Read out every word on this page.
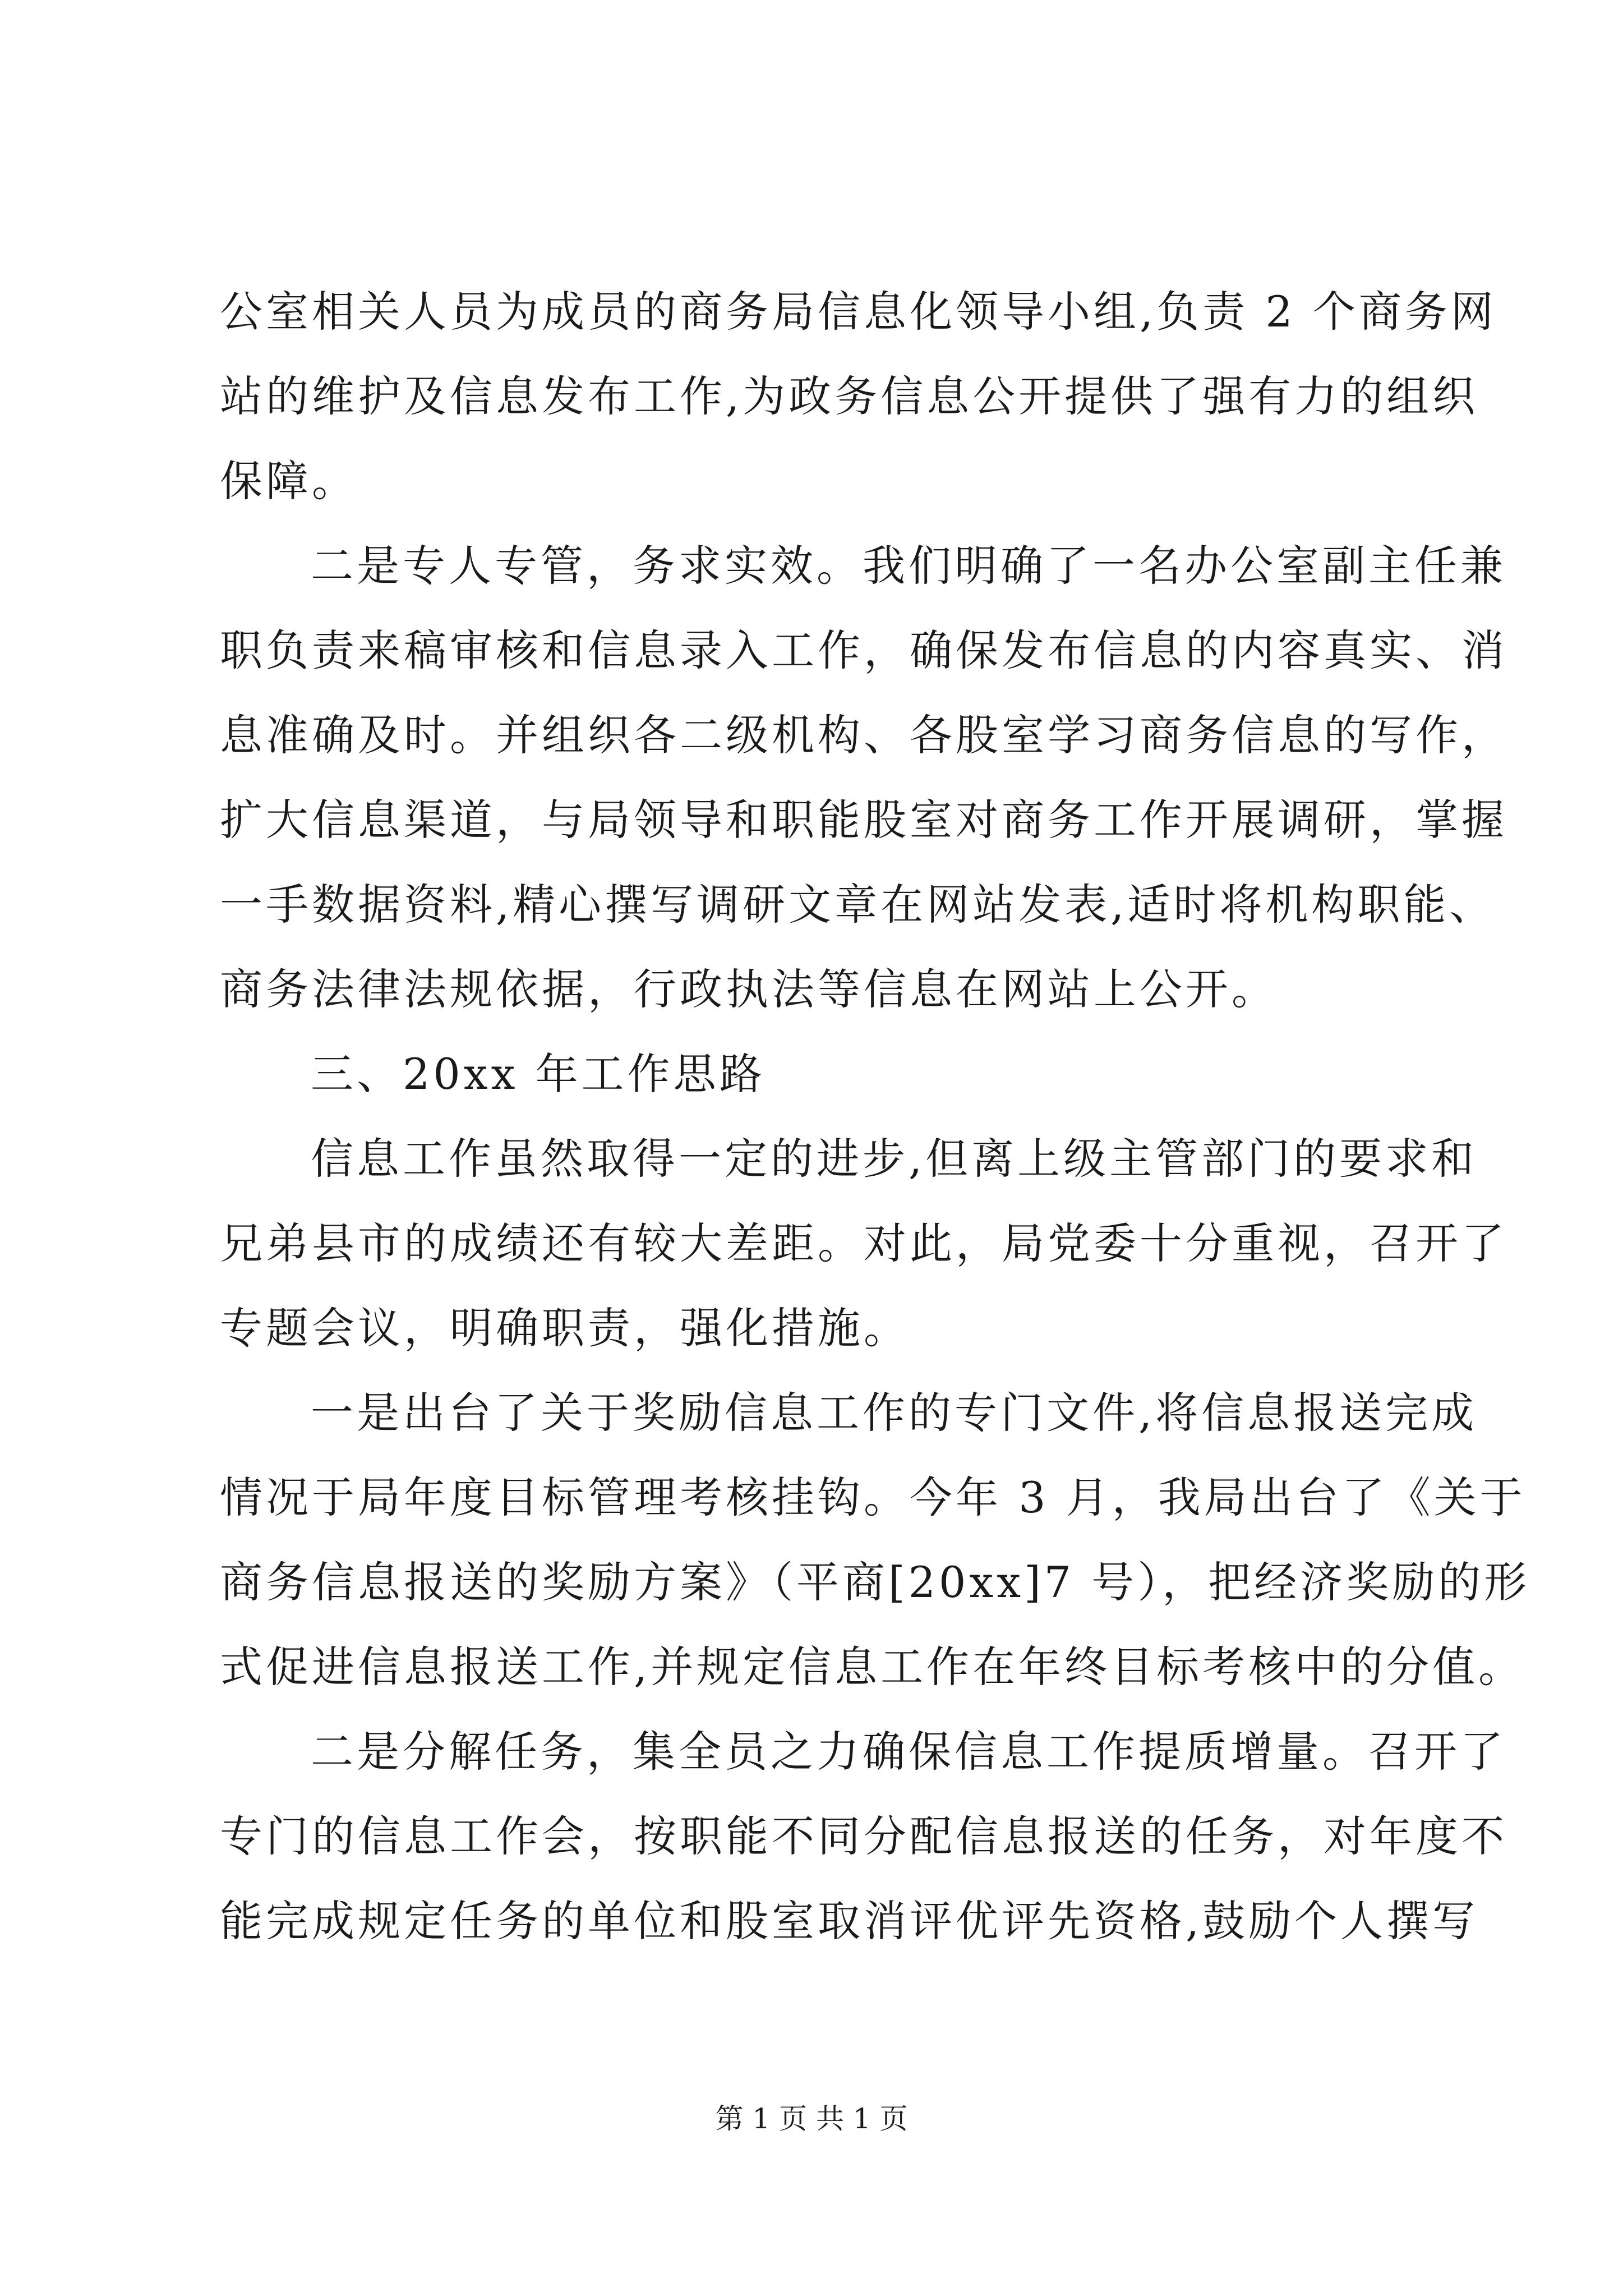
公室相关人员为成员的商务局信息化领导小组,负责 2 个商务网
站的维护及信息发布工作,为政务信息公开提供了强有力的组织
保障。
二是专人专管，务求实效。我们明确了一名办公室副主任兼
职负责来稿审核和信息录入工作，确保发布信息的内容真实、消
息准确及时。并组织各二级机构、各股室学习商务信息的写作，
扩大信息渠道，与局领导和职能股室对商务工作开展调研，掌握
一手数据资料,精心撰写调研文章在网站发表,适时将机构职能、
商务法律法规依据，行政执法等信息在网站上公开。
三、20xx 年工作思路
信息工作虽然取得一定的进步,但离上级主管部门的要求和
兄弟县市的成绩还有较大差距。对此，局党委十分重视，召开了
专题会议，明确职责，强化措施。
一是出台了关于奖励信息工作的专门文件,将信息报送完成
情况于局年度目标管理考核挂钩。今年 3 月，我局出台了《关于
商务信息报送的奖励方案》（平商[20xx]7 号），把经济奖励的形
式促进信息报送工作,并规定信息工作在年终目标考核中的分值。
二是分解任务，集全员之力确保信息工作提质增量。召开了
专门的信息工作会，按职能不同分配信息报送的任务，对年度不
能完成规定任务的单位和股室取消评优评先资格,鼓励个人撰写
第 1 页 共 1 页
